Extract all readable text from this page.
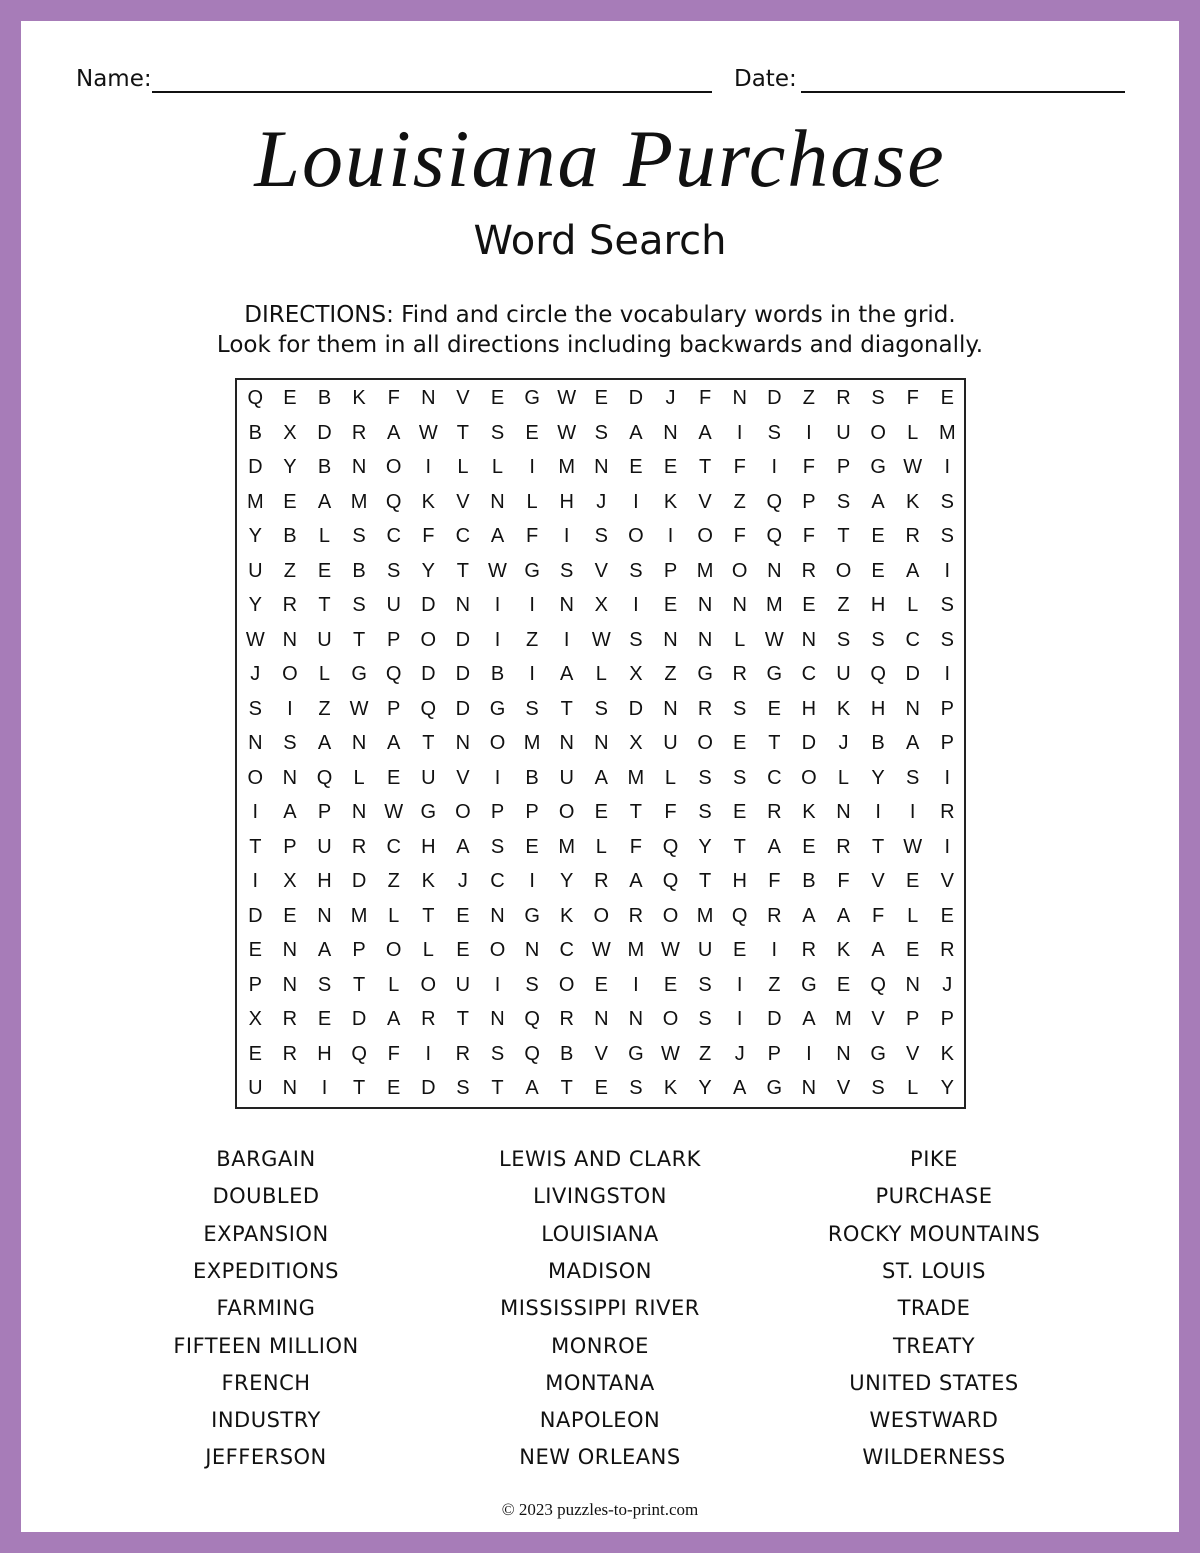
Name:	Date:
Louisiana Purchase
Word Search
DIRECTIONS: Find and circle the vocabulary words in the grid.
Look for them in all directions including backwards and diagonally.
Q	E	B	K	F	N	V	E	G W E	D	J	F	N	D	Z	R	S	F	E
B	X	D	R	A W T	S	E W S	A	N	A	I	S	I	U O	L	M
D	Y	B	N O	I	L	L	I	M N	E	E	T	F	I	F	P	G W	I
M E	A M Q	K	V	N	L	H	J	I	K	V	Z	Q	P	S	A	K	S
Y	B	L	S	C	F	C	A	F	I	S	O	I	O	F	Q	F	T	E	R	S
U	Z	E	B	S	Y	T W G	S	V	S	P M O N	R O	E	A	I
Y	R	T	S	U	D	N	I	I	N	X	I	E	N	N M E	Z	H	L	S
W N	U	T	P	O D	I	Z	I	W S	N	N	L W N	S	S	C	S
J	O	L	G Q D	D	B	I	A	L	X	Z	G R G C	U Q D	I
S	I	Z W P	Q D G	S	T	S	D	N	R	S	E	H	K	H	N	P
N	S	A	N	A	T	N O M N	N	X	U O	E	T	D	J	B	A	P
O N Q	L	E	U	V	I	B	U	A M	L	S	S	C O	L	Y	S	I
I	A	P	N W G O	P	P	O	E	T	F	S	E	R	K	N	I	I	R
T	P	U	R	C	H	A	S	E M	L	F	Q	Y	T	A	E	R	T W	I
I	X	H	D	Z	K	J	C	I	Y	R	A	Q	T	H	F	B	F	V	E	V
D	E	N M	L	T	E	N G	K	O R O M Q R	A	A	F	L	E
E	N	A	P	O	L	E	O N	C W M W U	E	I	R	K	A	E	R
P	N	S	T	L	O U	I	S	O	E	I	E	S	I	Z	G	E	Q N	J
X	R	E	D	A	R	T	N Q R	N	N O	S	I	D	A M V	P	P
E	R	H Q	F	I	R	S	Q	B	V	G W Z	J	P	I	N G	V	K
U	N	I	T	E	D	S	T	A	T	E	S	K	Y	A	G N	V	S	L	Y
BARGAIN
DOUBLED
EXPANSION
EXPEDITIONS
FARMING
FIFTEEN MILLION
FRENCH
INDUSTRY
JEFFERSON
LEWIS AND CLARK
LIVINGSTON
LOUISIANA
MADISON
MISSISSIPPI RIVER
MONROE
MONTANA
NAPOLEON
NEW ORLEANS
PIKE
PURCHASE
ROCKY MOUNTAINS
ST. LOUIS
TRADE
TREATY
UNITED STATES
WESTWARD
WILDERNESS
© 2023 puzzles-to-print.com
